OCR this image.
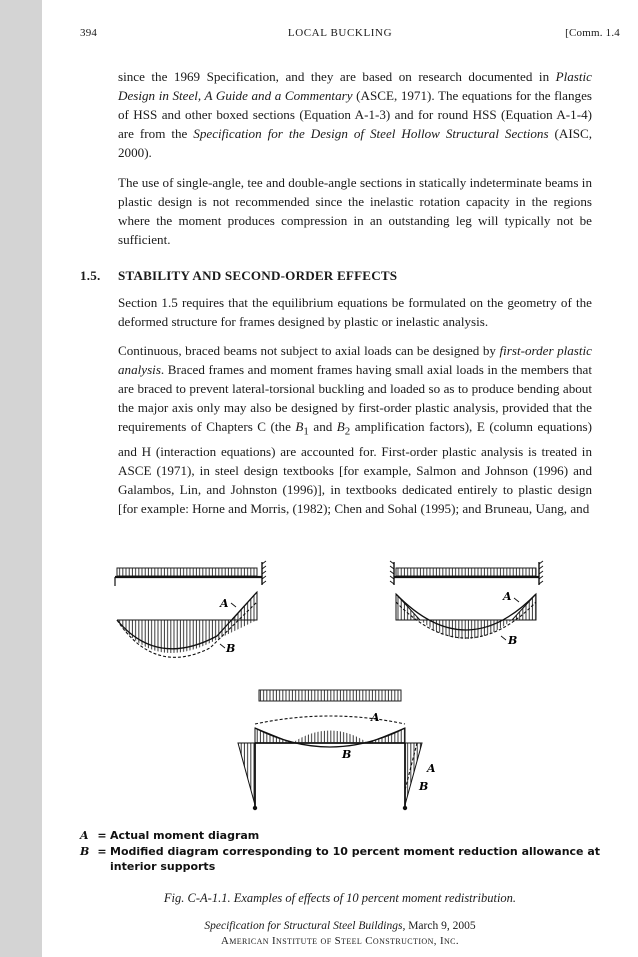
394	LOCAL BUCKLING	[Comm. 1.4

since the 1969 Specification, and they are based on research documented in Plastic Design in Steel, A Guide and a Commentary (ASCE, 1971). The equations for the flanges of HSS and other boxed sections (Equation A-1-3) and for round HSS (Equation A-1-4) are from the Specification for the Design of Steel Hollow Structural Sections (AISC, 2000).

The use of single-angle, tee and double-angle sections in statically indeterminate beams in plastic design is not recommended since the inelastic rotation capacity in the regions where the moment produces compression in an outstanding leg will typically not be sufficient.

1.5. STABILITY AND SECOND-ORDER EFFECTS

Section 1.5 requires that the equilibrium equations be formulated on the geometry of the deformed structure for frames designed by plastic or inelastic analysis.

Continuous, braced beams not subject to axial loads can be designed by first-order plastic analysis. Braced frames and moment frames having small axial loads in the members that are braced to prevent lateral-torsional buckling and loaded so as to produce bending about the major axis only may also be designed by first-order plastic analysis, provided that the requirements of Chapters C (the $B_1$ and $B_2$ amplification factors), E (column equations) and H (interaction equations) are accounted for. First-order plastic analysis is treated in ASCE (1971), in steel design textbooks [for example, Salmon and Johnson (1996) and Galambos, Lin, and Johnston (1996)], in textbooks dedicated entirely to plastic design [for example: Horne and Morris, (1982); Chen and Sohal (1995); and Bruneau, Uang, and

A
B
A
B
A
B
A
B
A = Actual moment diagram
B = Modified diagram corresponding to 10 percent moment reduction allowance at
interior supports
Fig. C-A-1.1. Examples of effects of 10 percent moment redistribution.
Specification for Structural Steel Buildings, March 9, 2005
American Institute of Steel Construction, Inc.
